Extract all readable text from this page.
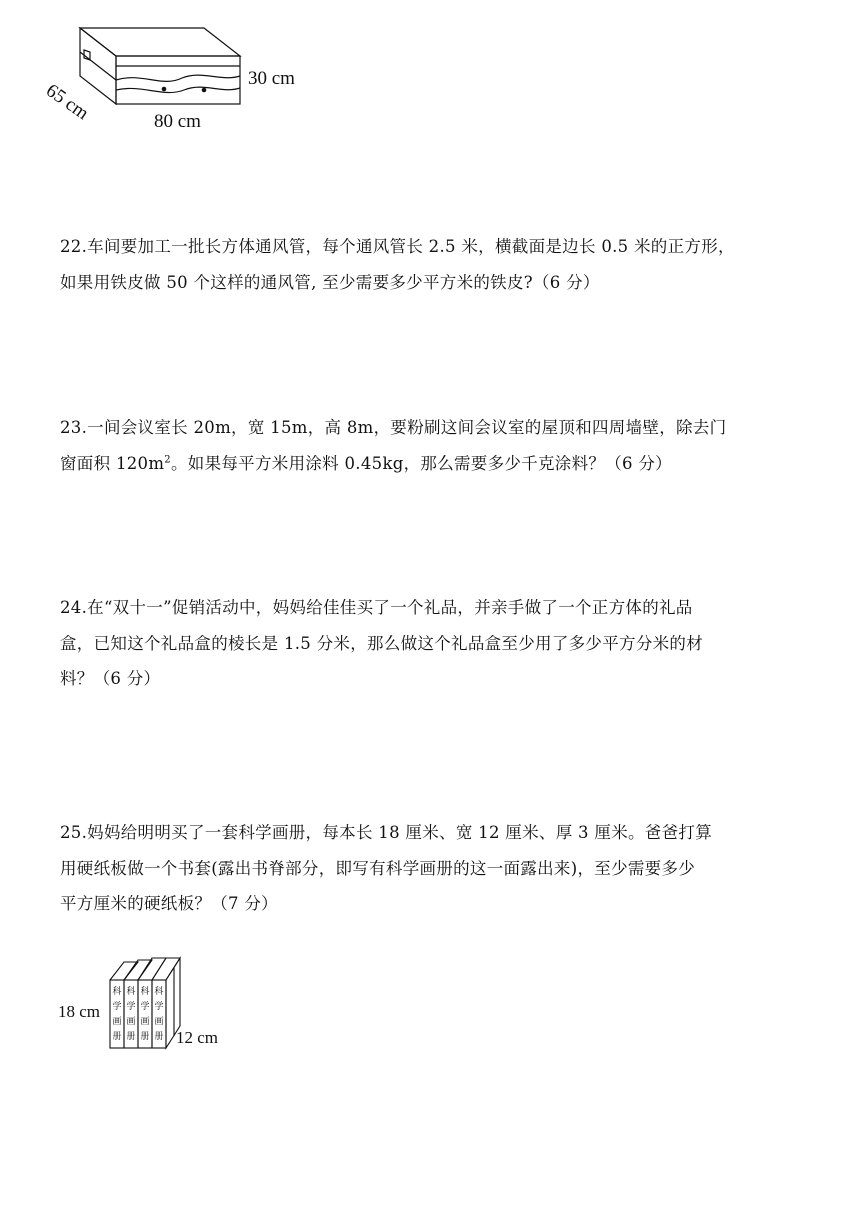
30 cm
65 cm	80 cm

22.车间要加工一批长方体通风管，每个通风管长 2.5 米，横截面是边长 0.5 米的正方形，

如果用铁皮做 50 个这样的通风管, 至少需要多少平方米的铁皮?（6 分）

23.一间会议室长 20m，宽 15m，高 8m，要粉刷这间会议室的屋顶和四周墙壁，除去门

窗面积 $120m^2$。如果每平方米用涂料 0.45kg，那么需要多少千克涂料？（6 分）

24.在“双十一”促销活动中，妈妈给佳佳买了一个礼品，并亲手做了一个正方体的礼品

盒，已知这个礼品盒的棱长是 1.5 分米，那么做这个礼品盒至少用了多少平方分米的材

料？（6 分）

25.妈妈给明明买了一套科学画册，每本长 18 厘米、宽 12 厘米、厚 3 厘米。爸爸打算

用硬纸板做一个书套(露出书脊部分，即写有科学画册的这一面露出来)，至少需要多少

平方厘米的硬纸板？（7 分）

科
学
画
册
科
学
画
册
科
学
画
册
科
学
画
册
18 cm
12 cm
